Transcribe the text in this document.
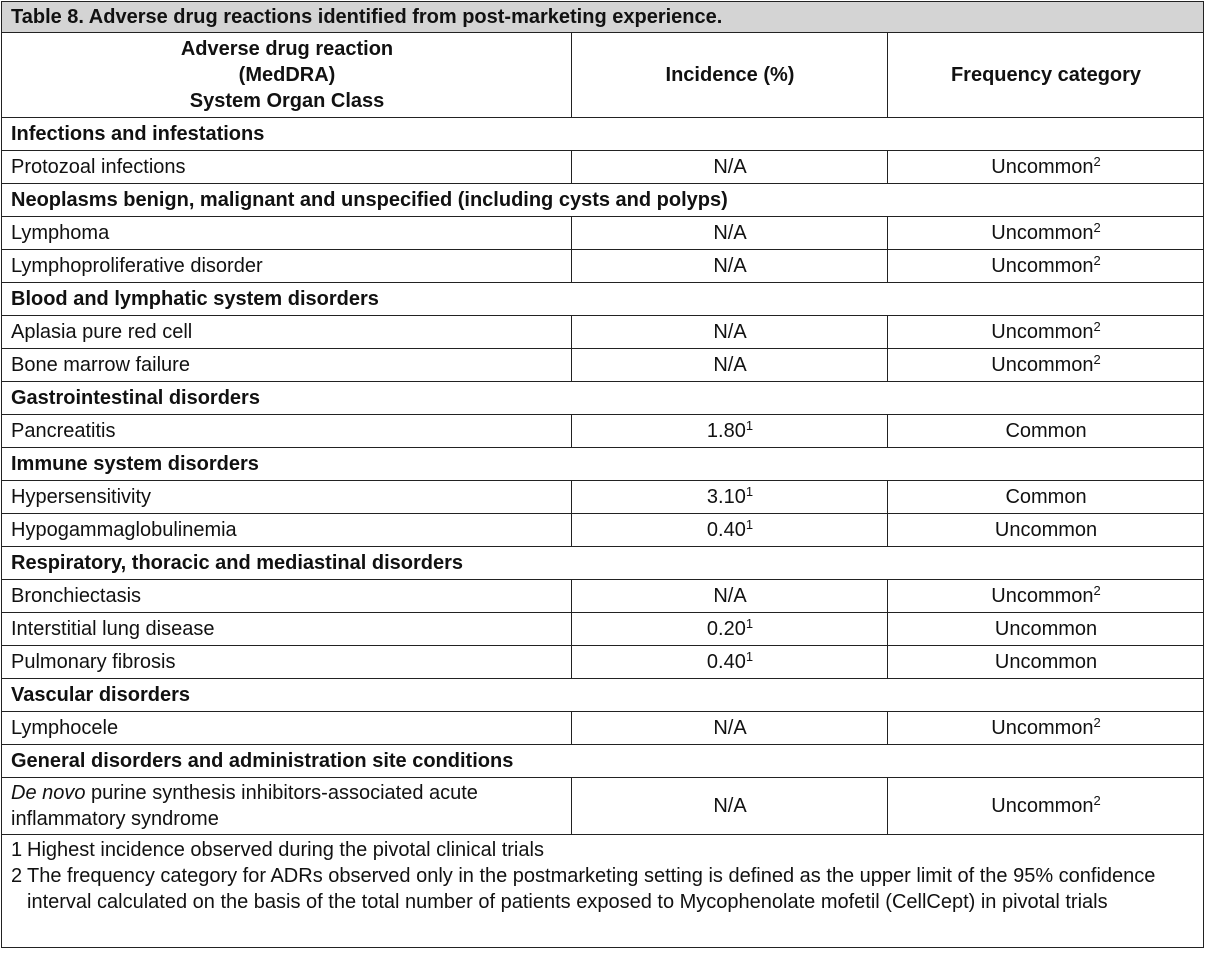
Table 8. Adverse drug reactions identified from post-marketing experience.		
Adverse drug reaction
(MedDRA)
System Organ Class	Incidence (%)	Frequency category
Infections and infestations		
Protozoal infections	N/A	Uncommon$^2$
Neoplasms benign, malignant and unspecified (including cysts and polyps)		
Lymphoma	N/A	Uncommon$^2$
Lymphoproliferative disorder	N/A	Uncommon$^2$
Blood and lymphatic system disorders		
Aplasia pure red cell	N/A	Uncommon$^2$
Bone marrow failure	N/A	Uncommon$^2$
Gastrointestinal disorders		
Pancreatitis	1.80$^1$	Common
Immune system disorders		
Hypersensitivity	3.10$^1$	Common
Hypogammaglobulinemia	0.40$^1$	Uncommon
Respiratory, thoracic and mediastinal disorders		
Bronchiectasis	N/A	Uncommon$^2$
Interstitial lung disease	0.20$^1$	Uncommon
Pulmonary fibrosis	0.40$^1$	Uncommon
Vascular disorders		
Lymphocele	N/A	Uncommon$^2$
General disorders and administration site conditions		
De novo purine synthesis inhibitors-associated acute inflammatory syndrome	N/A	Uncommon$^2$

1 Highest incidence observed during the pivotal clinical trials
2 The frequency category for ADRs observed only in the postmarketing setting is defined as the upper limit of the 95% confidence interval calculated on the basis of the total number of patients exposed to Mycophenolate mofetil (CellCept) in pivotal trials		
